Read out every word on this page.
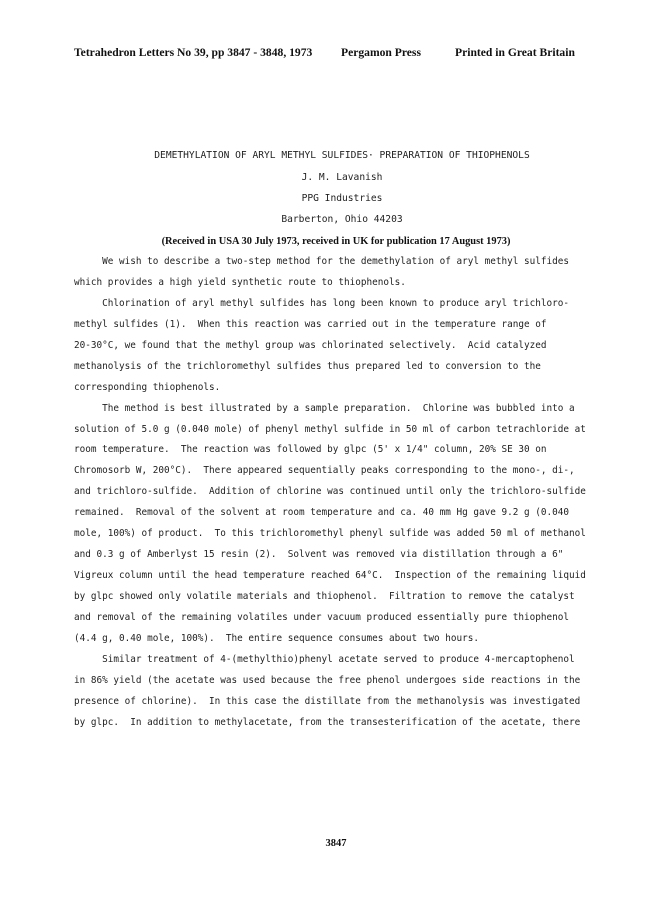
Tetrahedron Letters No 39, pp 3847 - 3848, 1973 Pergamon Press	Printed in Great Britain
DEMETHYLATION OF ARYL METHYL SULFIDES· PREPARATION OF THIOPHENOLS
J. M. Lavanish
PPG Industries
Barberton, Ohio 44203
(Received in USA 30 July 1973, received in UK for publication 17 August 1973)
We wish to describe a two-step method for the demethylation of aryl methyl sulfides
which provides a high yield synthetic route to thiophenols.
Chlorination of aryl methyl sulfides has long been known to produce aryl trichloro-
methyl sulfides (1).  When this reaction was carried out in the temperature range of
20-30°C, we found that the methyl group was chlorinated selectively.  Acid catalyzed
methanolysis of the trichloromethyl sulfides thus prepared led to conversion to the
corresponding thiophenols.
The method is best illustrated by a sample preparation.  Chlorine was bubbled into a
solution of 5.0 g (0.040 mole) of phenyl methyl sulfide in 50 ml of carbon tetrachloride at
room temperature.  The reaction was followed by glpc (5' x 1/4" column, 20% SE 30 on
Chromosorb W, 200°C).  There appeared sequentially peaks corresponding to the mono-, di-,
and trichloro-sulfide.  Addition of chlorine was continued until only the trichloro-sulfide
remained.  Removal of the solvent at room temperature and ca. 40 mm Hg gave 9.2 g (0.040
mole, 100%) of product.  To this trichloromethyl phenyl sulfide was added 50 ml of methanol
and 0.3 g of Amberlyst 15 resin (2).  Solvent was removed via distillation through a 6"
Vigreux column until the head temperature reached 64°C.  Inspection of the remaining liquid
by glpc showed only volatile materials and thiophenol.  Filtration to remove the catalyst
and removal of the remaining volatiles under vacuum produced essentially pure thiophenol
(4.4 g, 0.40 mole, 100%).  The entire sequence consumes about two hours.
Similar treatment of 4-(methylthio)phenyl acetate served to produce 4-mercaptophenol
in 86% yield (the acetate was used because the free phenol undergoes side reactions in the
presence of chlorine).  In this case the distillate from the methanolysis was investigated
by glpc.  In addition to methylacetate, from the transesterification of the acetate, there
3847
